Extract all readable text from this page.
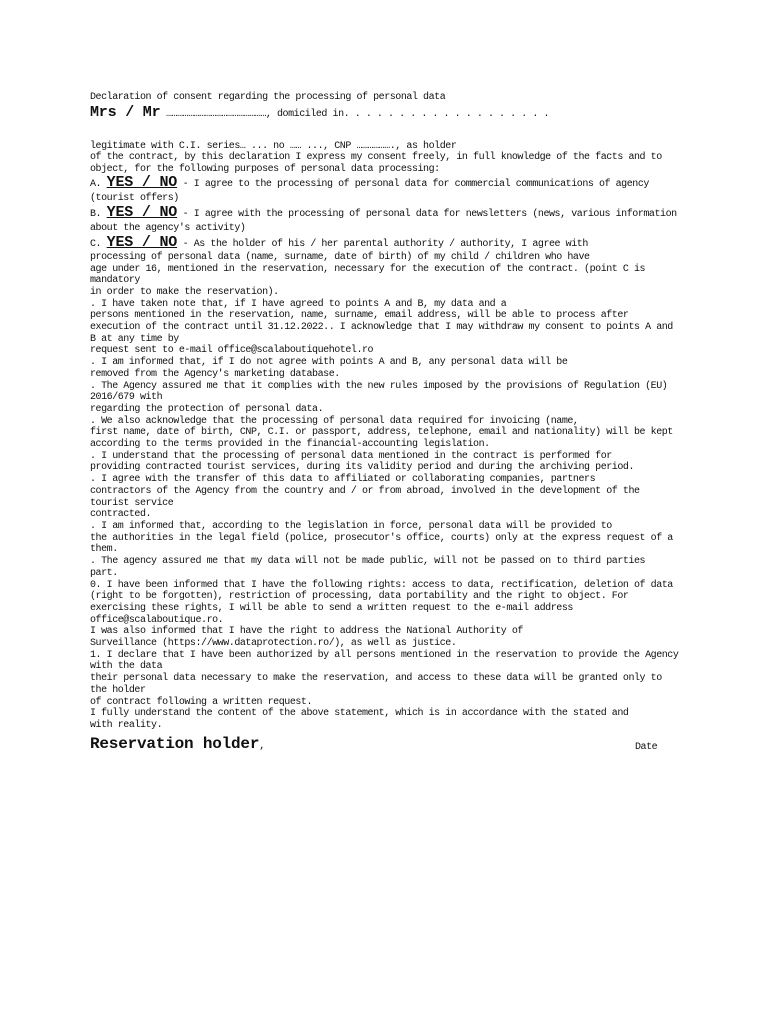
Declaration of consent regarding the processing of personal data

Mrs / Mr ………………………………………………, domiciled in. . . . . . . . . . . . . . . . . . .

legitimate with C.I. series… ... no …… ..., CNP ………………., as holder

of the contract, by this declaration I express my consent freely, in full knowledge of the facts and to

object, for the following purposes of personal data processing:

A. YES / NO - I agree to the processing of personal data for commercial communications of agency (tourist offers)

B. YES / NO - I agree with the processing of personal data for newsletters (news, various information about the agency's activity)

C. YES / NO - As the holder of his / her parental authority / authority, I agree with

processing of personal data (name, surname, date of birth) of my child / children who have

age under 16, mentioned in the reservation, necessary for the execution of the contract. (point C is mandatory

in order to make the reservation).

. I have taken note that, if I have agreed to points A and B, my data and a

persons mentioned in the reservation, name, surname, email address, will be able to process after

execution of the contract until 31.12.2022.. I acknowledge that I may withdraw my consent to points A and B at any time by

request sent to e-mail office@scalaboutiquehotel.ro

. I am informed that, if I do not agree with points A and B, any personal data will be

removed from the Agency's marketing database.

. The Agency assured me that it complies with the new rules imposed by the provisions of Regulation (EU) 2016/679 with

regarding the protection of personal data.

. We also acknowledge that the processing of personal data required for invoicing (name,

first name, date of birth, CNP, C.I. or passport, address, telephone, email and nationality) will be kept

according to the terms provided in the financial-accounting legislation.

. I understand that the processing of personal data mentioned in the contract is performed for

providing contracted tourist services, during its validity period and during the archiving period.

. I agree with the transfer of this data to affiliated or collaborating companies, partners

contractors of the Agency from the country and / or from abroad, involved in the development of the tourist service

contracted.

. I am informed that, according to the legislation in force, personal data will be provided to

the authorities in the legal field (police, prosecutor's office, courts) only at the express request of a

them.

. The agency assured me that my data will not be made public, will not be passed on to third parties

part.

0. I have been informed that I have the following rights: access to data, rectification, deletion of data

(right to be forgotten), restriction of processing, data portability and the right to object. For

exercising these rights, I will be able to send a written request to the e-mail address

office@scalaboutique.ro.

I was also informed that I have the right to address the National Authority of

Surveillance (https://www.dataprotection.ro/), as well as justice.

1. I declare that I have been authorized by all persons mentioned in the reservation to provide the Agency with the data

their personal data necessary to make the reservation, and access to these data will be granted only to the holder

of contract following a written request.

I fully understand the content of the above statement, which is in accordance with the stated and

with reality.

Reservation holder,	Date
